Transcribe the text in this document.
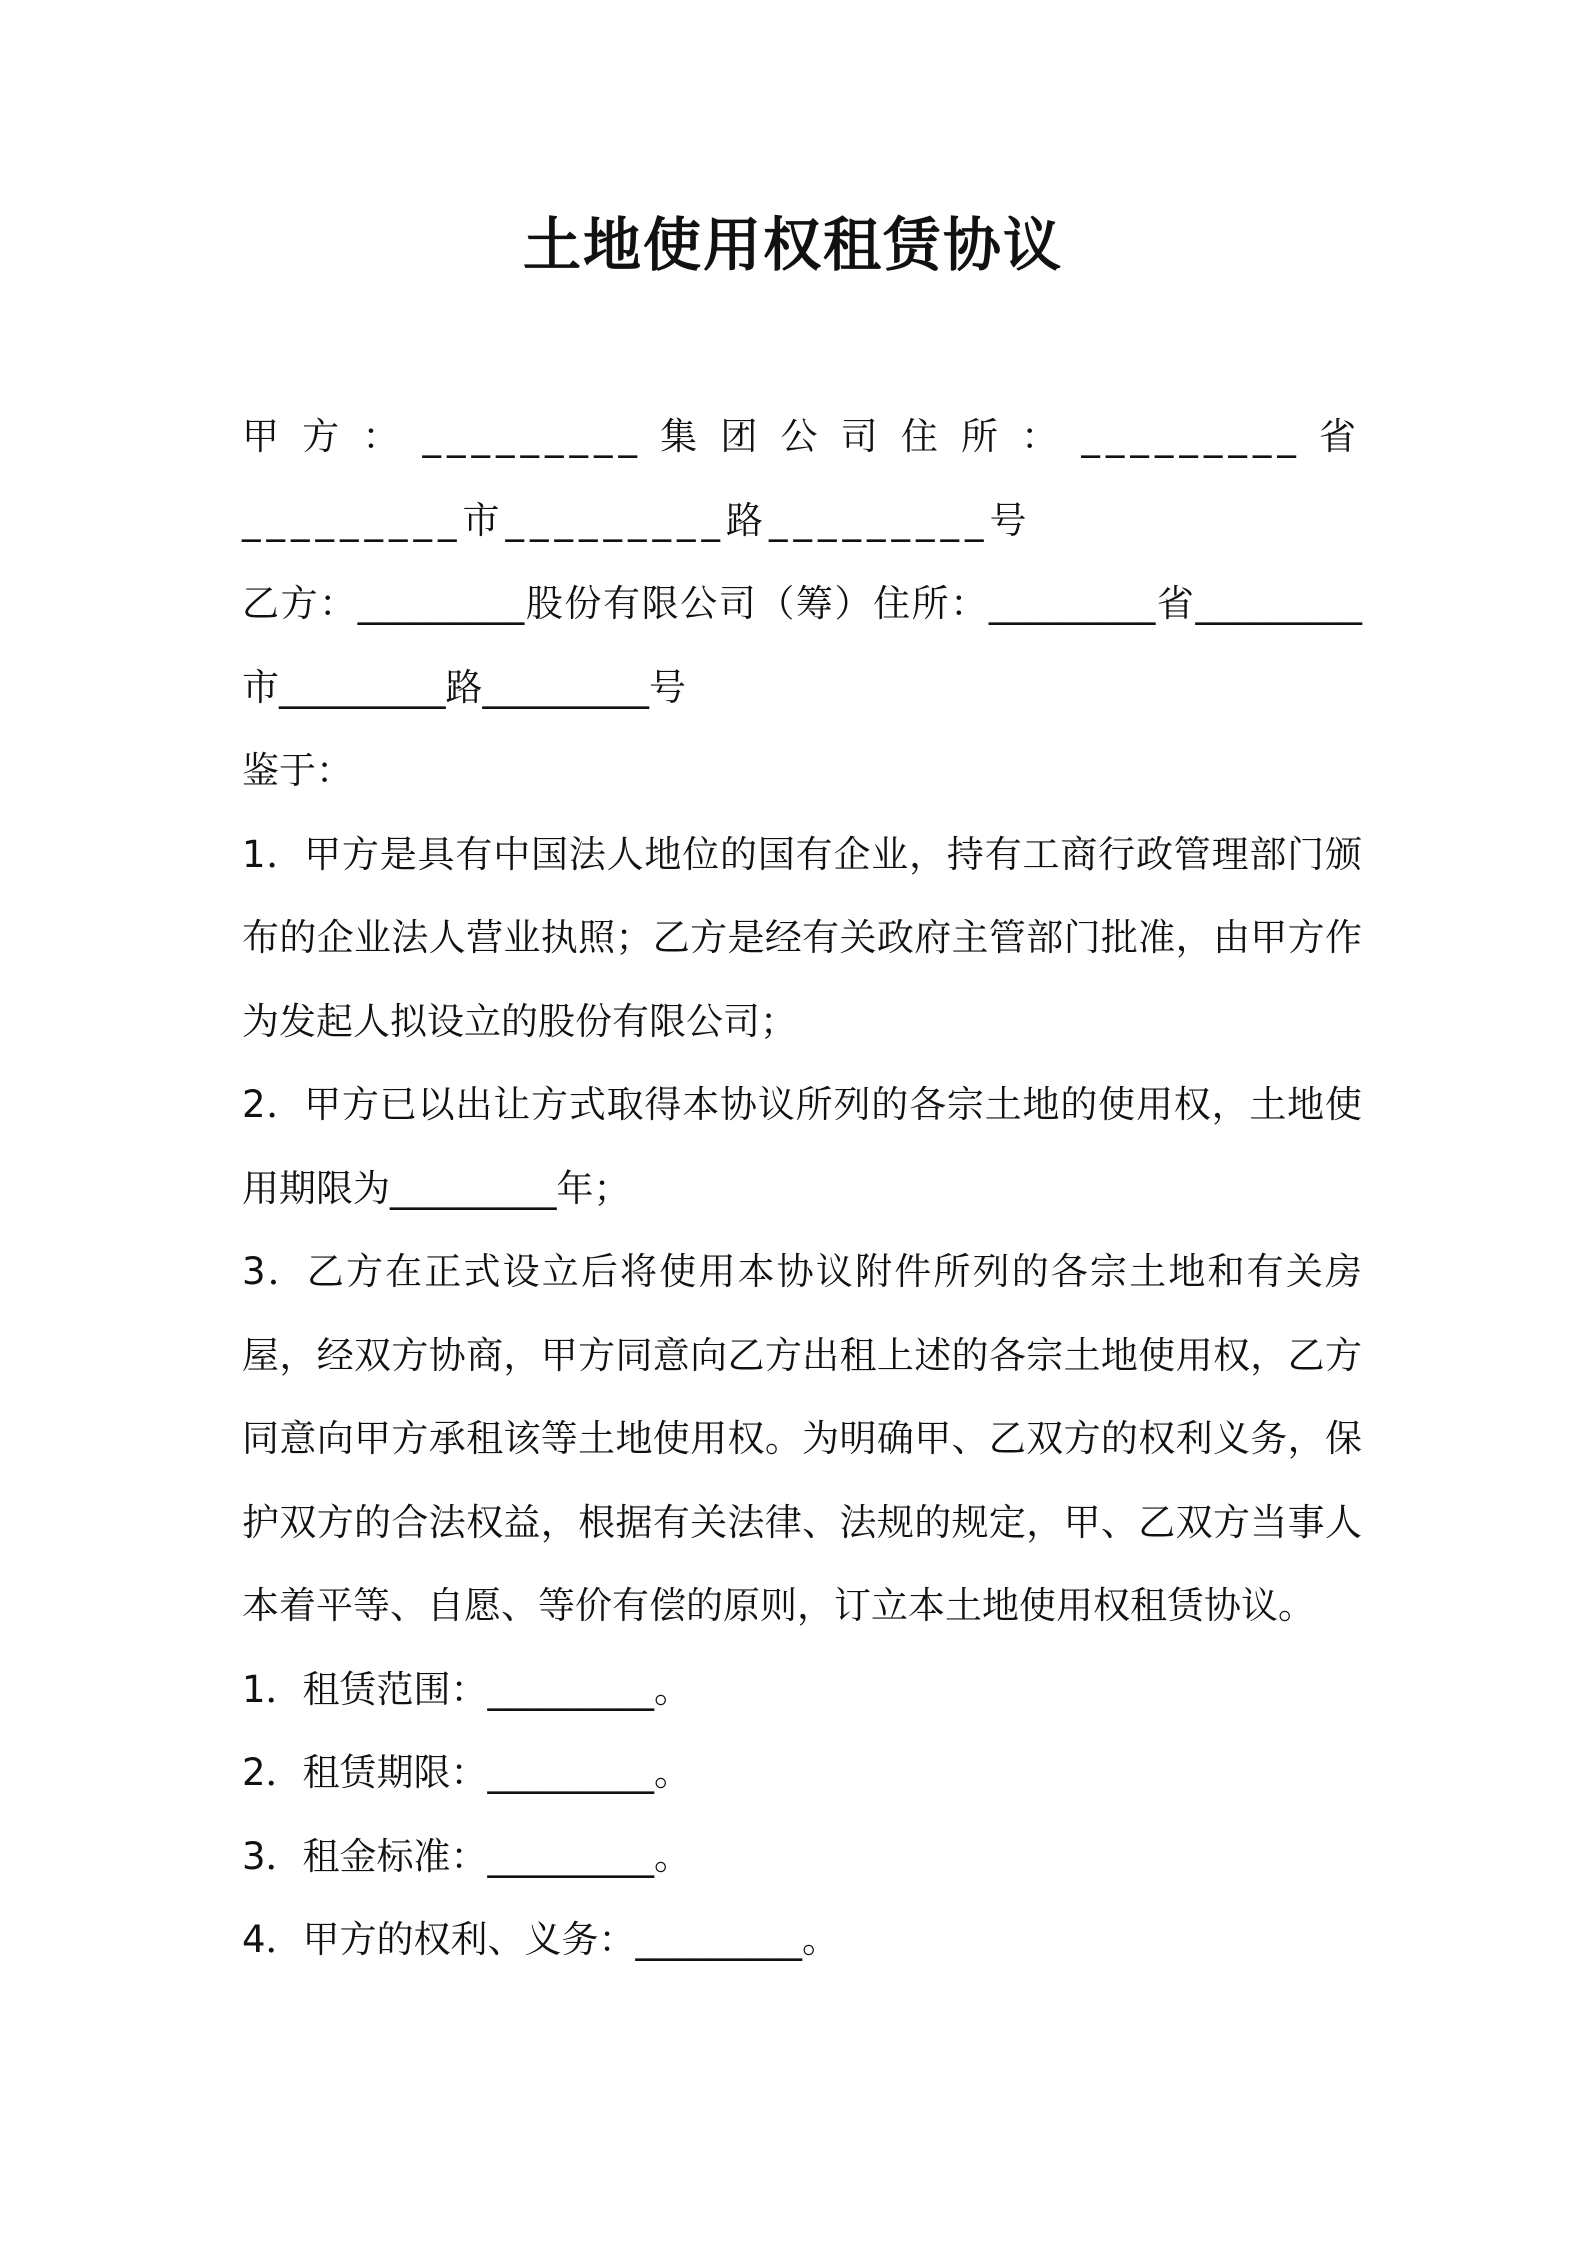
土地使用权租赁协议

甲方：_________集团公司住所：_________省_________市_________路_________号

乙方：_________股份有限公司（筹）住所：_________省_________市_________路_________号

鉴于：

1．甲方是具有中国法人地位的国有企业，持有工商行政管理部门颁布的企业法人营业执照；乙方是经有关政府主管部门批准，由甲方作为发起人拟设立的股份有限公司；

2．甲方已以出让方式取得本协议所列的各宗土地的使用权，土地使用期限为_________年；

3．乙方在正式设立后将使用本协议附件所列的各宗土地和有关房屋，经双方协商，甲方同意向乙方出租上述的各宗土地使用权，乙方同意向甲方承租该等土地使用权。为明确甲、乙双方的权利义务，保护双方的合法权益，根据有关法律、法规的规定，甲、乙双方当事人本着平等、自愿、等价有偿的原则，订立本土地使用权租赁协议。

1．租赁范围：_________。

2．租赁期限：_________。

3．租金标准：_________。

4．甲方的权利、义务：_________。
